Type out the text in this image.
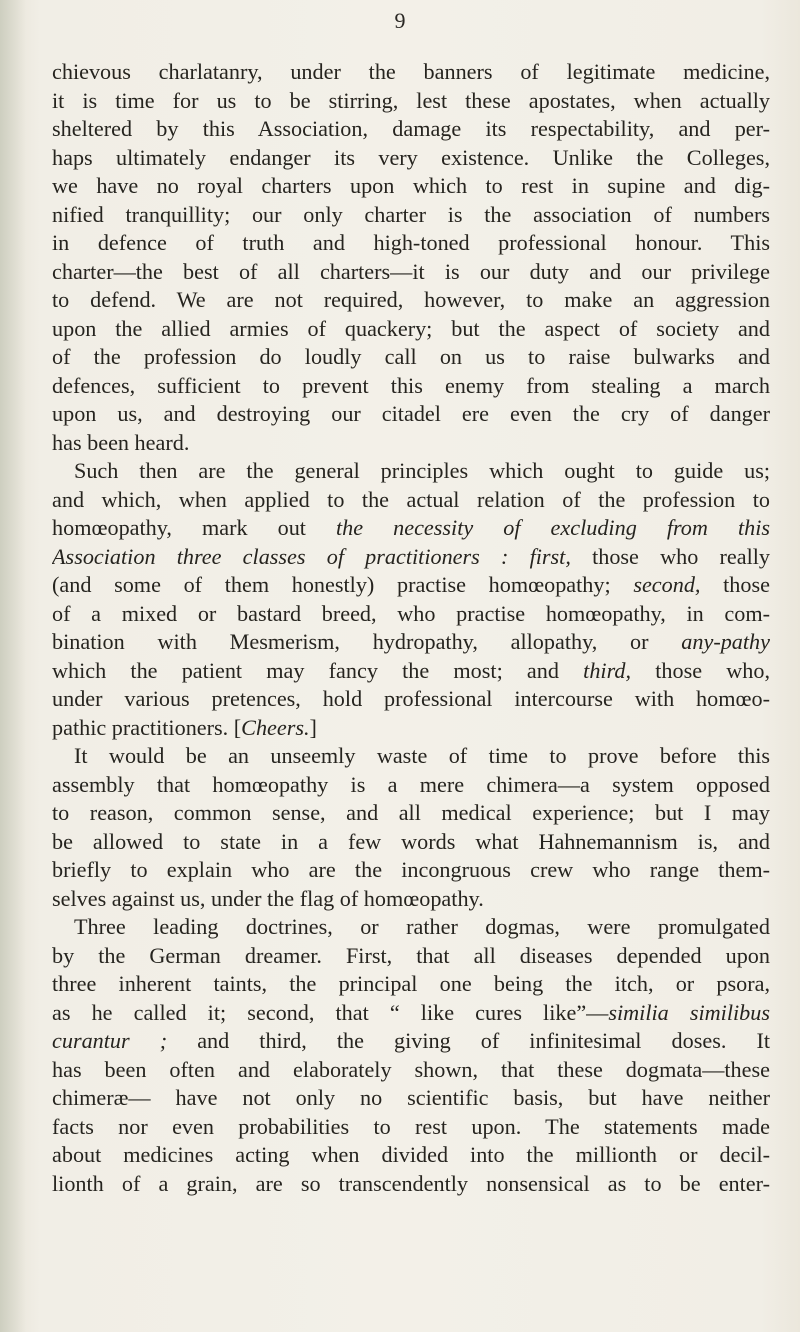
9
chievous charlatanry, under the banners of legitimate medicine,
it is time for us to be stirring, lest these apostates, when actually
sheltered by this Association, damage its respectability, and per-
haps ultimately endanger its very existence. Unlike the Colleges,
we have no royal charters upon which to rest in supine and dig-
nified tranquillity; our only charter is the association of numbers
in defence of truth and high-toned professional honour. This
charter—the best of all charters—it is our duty and our privilege
to defend. We are not required, however, to make an aggression
upon the allied armies of quackery; but the aspect of society and
of the profession do loudly call on us to raise bulwarks and
defences, sufficient to prevent this enemy from stealing a march
upon us, and destroying our citadel ere even the cry of danger
has been heard.
Such then are the general principles which ought to guide us;
and which, when applied to the actual relation of the profession to
homœopathy, mark out the necessity of excluding from this
Association three classes of practitioners : first, those who really
(and some of them honestly) practise homœopathy; second, those
of a mixed or bastard breed, who practise homœopathy, in com-
bination with Mesmerism, hydropathy, allopathy, or any-pathy
which the patient may fancy the most; and third, those who,
under various pretences, hold professional intercourse with homœo-
pathic practitioners. [Cheers.]
It would be an unseemly waste of time to prove before this
assembly that homœopathy is a mere chimera—a system opposed
to reason, common sense, and all medical experience; but I may
be allowed to state in a few words what Hahnemannism is, and
briefly to explain who are the incongruous crew who range them-
selves against us, under the flag of homœopathy.
Three leading doctrines, or rather dogmas, were promulgated
by the German dreamer. First, that all diseases depended upon
three inherent taints, the principal one being the itch, or psora,
as he called it; second, that “ like cures like”—similia similibus
curantur ; and third, the giving of infinitesimal doses. It
has been often and elaborately shown, that these dogmata—these
chimeræ— have not only no scientific basis, but have neither
facts nor even probabilities to rest upon. The statements made
about medicines acting when divided into the millionth or decil-
lionth of a grain, are so transcendently nonsensical as to be enter-
